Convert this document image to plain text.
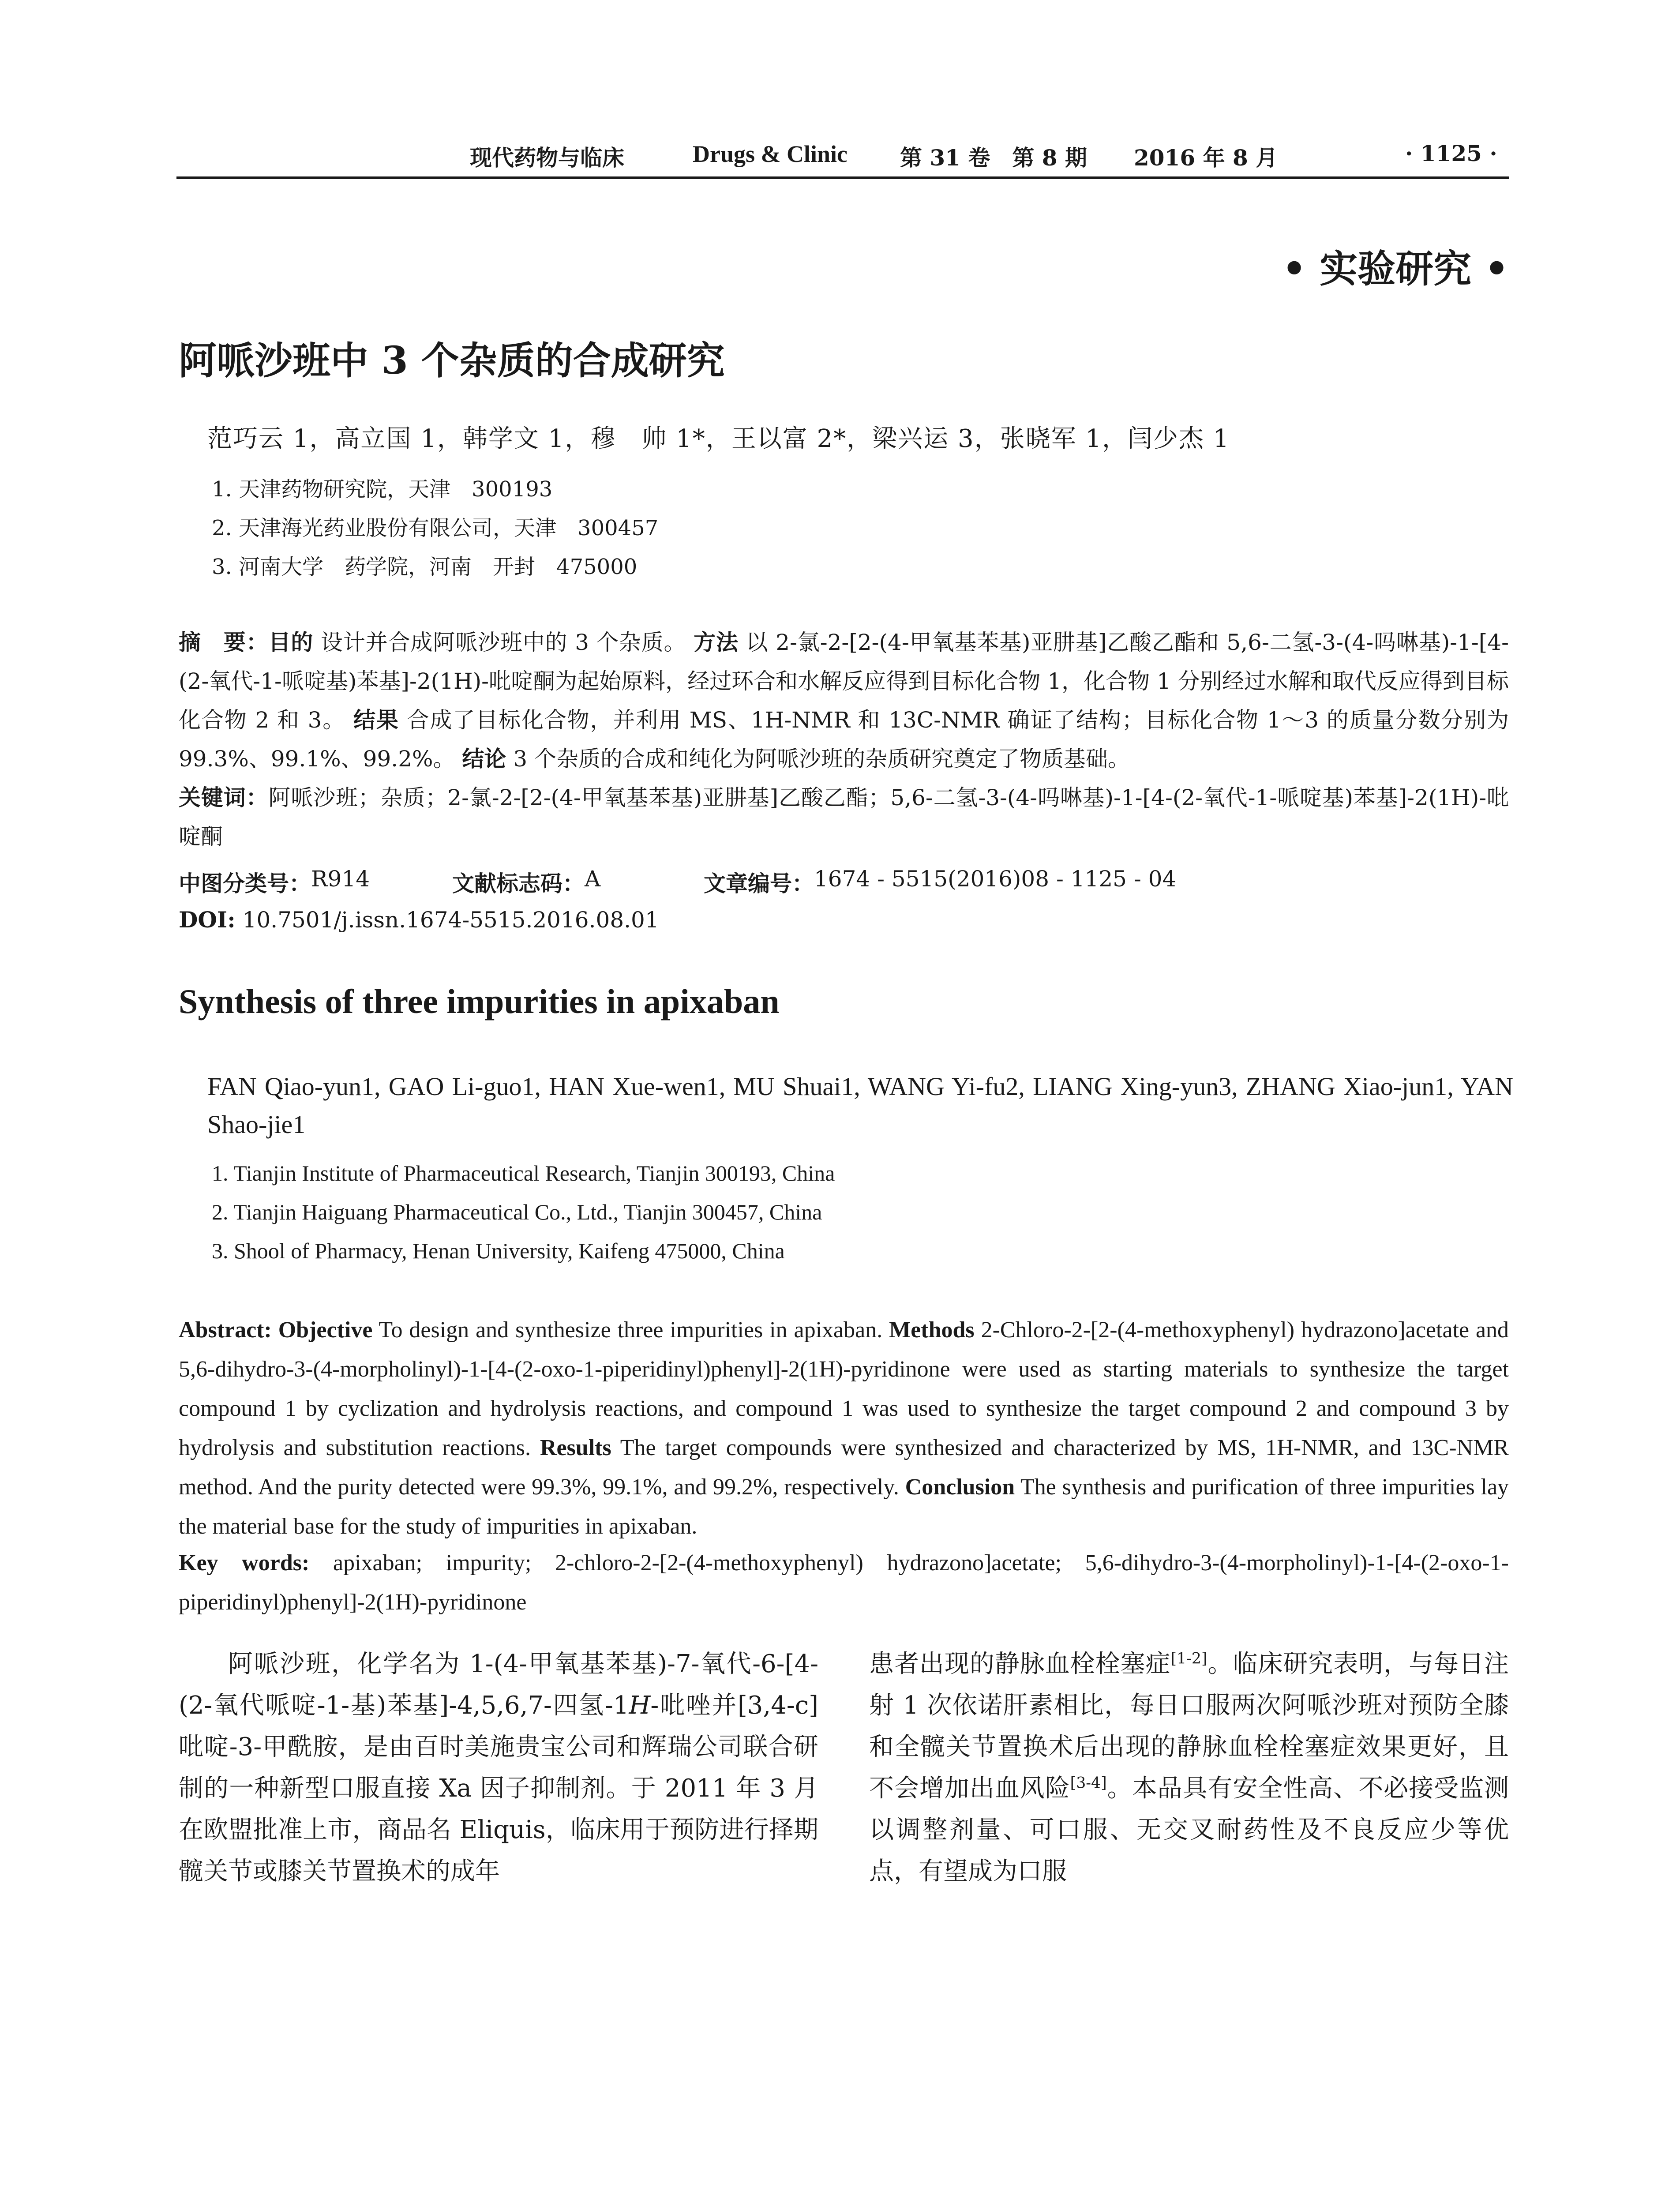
现代药物与临床	Drugs & Clinic 第 31 卷　第 8 期 2016 年 8 月	· 1125 ·
• 实验研究 •
阿哌沙班中 3 个杂质的合成研究
范巧云 1，高立国 1，韩学文 1，穆　帅 1*，王以富 2*，梁兴运 3，张晓军 1，闫少杰 1
1. 天津药物研究院，天津　300193
2. 天津海光药业股份有限公司，天津　300457
3. 河南大学　药学院，河南　开封　475000
摘　要：目的 设计并合成阿哌沙班中的 3 个杂质。 方法 以 2-氯-2-[2-(4-甲氧基苯基)亚肼基]乙酸乙酯和 5,6-二氢-3-(4-吗啉基)-1-[4-(2-氧代-1-哌啶基)苯基]-2(1H)-吡啶酮为起始原料，经过环合和水解反应得到目标化合物 1，化合物 1 分别经过水解和取代反应得到目标化合物 2 和 3。 结果 合成了目标化合物，并利用 MS、1H-NMR 和 13C-NMR 确证了结构；目标化合物 1～3 的质量分数分别为 99.3%、99.1%、99.2%。 结论 3 个杂质的合成和纯化为阿哌沙班的杂质研究奠定了物质基础。
关键词：阿哌沙班；杂质；2-氯-2-[2-(4-甲氧基苯基)亚肼基]乙酸乙酯；5,6-二氢-3-(4-吗啉基)-1-[4-(2-氧代-1-哌啶基)苯基]-2(1H)-吡啶酮
中图分类号： R914	文献标志码： A	文章编号： 1674 - 5515(2016)08 - 1125 - 04
DOI: 10.7501/j.issn.1674-5515.2016.08.01
Synthesis of three impurities in apixaban
FAN Qiao-yun1, GAO Li-guo1, HAN Xue-wen1, MU Shuai1, WANG Yi-fu2, LIANG Xing-yun3, ZHANG Xiao-jun1, YAN Shao-jie1
1. Tianjin Institute of Pharmaceutical Research, Tianjin 300193, China
2. Tianjin Haiguang Pharmaceutical Co., Ltd., Tianjin 300457, China
3. Shool of Pharmacy, Henan University, Kaifeng 475000, China
Abstract: Objective To design and synthesize three impurities in apixaban. Methods 2-Chloro-2-[2-(4-methoxyphenyl) hydrazono]acetate and 5,6-dihydro-3-(4-morpholinyl)-1-[4-(2-oxo-1-piperidinyl)phenyl]-2(1H)-pyridinone were used as starting materials to synthesize the target compound 1 by cyclization and hydrolysis reactions, and compound 1 was used to synthesize the target compound 2 and compound 3 by hydrolysis and substitution reactions. Results The target compounds were synthesized and characterized by MS, 1H-NMR, and 13C-NMR method. And the purity detected were 99.3%, 99.1%, and 99.2%, respectively. Conclusion The synthesis and purification of three impurities lay the material base for the study of impurities in apixaban.
Key words: apixaban; impurity; 2-chloro-2-[2-(4-methoxyphenyl) hydrazono]acetate; 5,6-dihydro-3-(4-morpholinyl)-1-[4-(2-oxo-1-piperidinyl)phenyl]-2(1H)-pyridinone
阿哌沙班，化学名为 1-(4-甲氧基苯基)-7-氧代-6-[4-(2-氧代哌啶-1-基)苯基]-4,5,6,7-四氢-1H-吡唑并[3,4-c]吡啶-3-甲酰胺，是由百时美施贵宝公司和辉瑞公司联合研制的一种新型口服直接 Xa 因子抑制剂。于 2011 年 3 月在欧盟批准上市，商品名 Eliquis，临床用于预防进行择期髋关节或膝关节置换术的成年
患者出现的静脉血栓栓塞症[1-2]。临床研究表明，与每日注射 1 次依诺肝素相比，每日口服两次阿哌沙班对预防全膝和全髋关节置换术后出现的静脉血栓栓塞症效果更好，且不会增加出血风险[3-4]。本品具有安全性高、不必接受监测以调整剂量、可口服、无交叉耐药性及不良反应少等优点，有望成为口服
